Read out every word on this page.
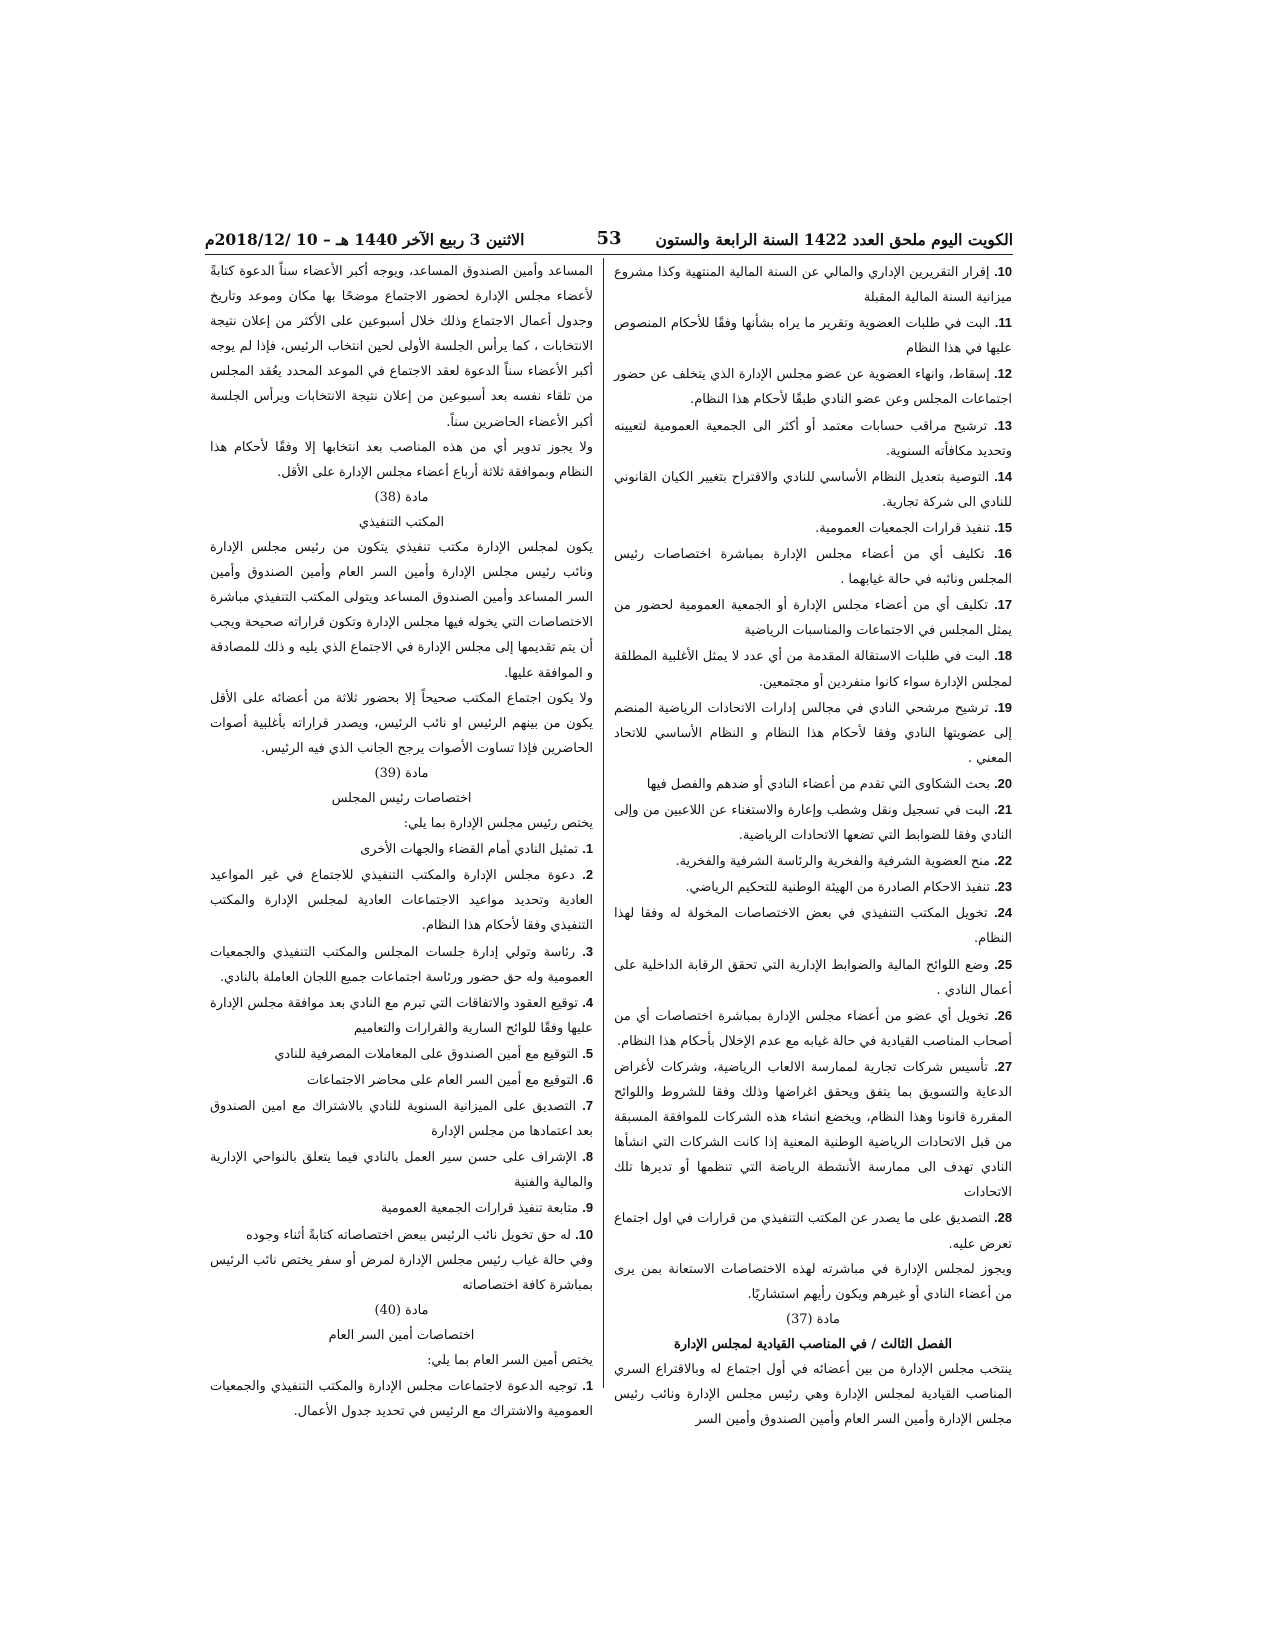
الكويت اليوم ملحق العدد 1422 السنة الرابعة والستون
53
الاثنين 3 ربيع الآخر 1440 هـ – 10 /2018/12م

10. إقرار التقريرين الإداري والمالي عن السنة المالية المنتهية وكذا مشروع ميزانية السنة المالية المقبلة

11. البت في طلبات العضوية وتقرير ما يراه بشأنها وفقًا للأحكام المنصوص عليها في هذا النظام

12. إسقاط، وانهاء العضوية عن عضو مجلس الإدارة الذي يتخلف عن حضور اجتماعات المجلس وعن عضو النادي طبقًا لأحكام هذا النظام.

13. ترشيح مراقب حسابات معتمد أو أكثر الى الجمعية العمومية لتعيينه وتحديد مكافأته السنوية.

14. التوصية بتعديل النظام الأساسي للنادي والاقتراح بتغيير الكيان القانوني للنادي الى شركة تجارية.

15. تنفيذ قرارات الجمعيات العمومية.

16. تكليف أي من أعضاء مجلس الإدارة بمباشرة اختصاصات رئيس المجلس ونائبه في حالة غيابهما .

17. تكليف أي من أعضاء مجلس الإدارة أو الجمعية العمومية لحضور من يمثل المجلس في الاجتماعات والمناسبات الرياضية

18. البت في طلبات الاستقالة المقدمة من أي عدد لا يمثل الأغلبية المطلقة لمجلس الإدارة سواء كانوا منفردين أو مجتمعين.

19. ترشيح مرشحي النادي في مجالس إدارات الاتحادات الرياضية المنضم إلى عضويتها النادي وفقا لأحكام هذا النظام و النظام الأساسي للاتحاد المعني .

20. بحث الشكاوى التي تقدم من أعضاء النادي أو ضدهم والفصل فيها

21. البت في تسجيل ونقل وشطب وإعارة والاستغناء عن اللاعبين من وإلى النادي وفقا للضوابط التي تضعها الاتحادات الرياضية.

22. منح العضوية الشرفية والفخرية والرئاسة الشرفية والفخرية.

23. تنفيذ الاحكام الصادرة من الهيئة الوطنية للتحكيم الرياضي.

24. تخويل المكتب التنفيذي في بعض الاختصاصات المخولة له وفقا لهذا النظام.

25. وضع اللوائح المالية والضوابط الإدارية التي تحقق الرقابة الداخلية على أعمال النادي .

26. تخويل أي عضو من أعضاء مجلس الإدارة بمباشرة اختصاصات أي من أصحاب المناصب القيادية في حالة غيابه مع عدم الإخلال بأحكام هذا النظام.

27. تأسيس شركات تجارية لممارسة الالعاب الرياضية، وشركات لأغراض الدعاية والتسويق بما يتفق ويحقق اغراضها وذلك وفقا للشروط واللوائح المقررة قانونا وهذا النظام، ويخضع انشاء هذه الشركات للموافقة المسبقة من قبل الاتحادات الرياضية الوطنية المعنية إذا كانت الشركات التي انشأها النادي تهدف الى ممارسة الأنشطة الرياضة التي تنظمها أو تديرها تلك الاتحادات

28. التصديق على ما يصدر عن المكتب التنفيذي من قرارات في اول اجتماع تعرض عليه.

ويجوز لمجلس الإدارة في مباشرته لهذه الاختصاصات الاستعانة بمن يرى من أعضاء النادي أو غيرهم ويكون رأيهم استشاريًا.

مادة (37)

الفصل الثالث / في المناصب القيادية لمجلس الإدارة

ينتخب مجلس الإدارة من بين أعضائه في أول اجتماع له وبالاقتراع السري المناصب القيادية لمجلس الإدارة وهي رئيس مجلس الإدارة ونائب رئيس مجلس الإدارة وأمين السر العام وأمين الصندوق وأمين السر

المساعد وأمين الصندوق المساعد، ويوجه أكبر الأعضاء سناً الدعوة كتابةً لأعضاء مجلس الإدارة لحضور الاجتماع موضحًا بها مكان وموعد وتاريخ وجدول أعمال الاجتماع وذلك خلال أسبوعين على الأكثر من إعلان نتيجة الانتخابات ، كما يرأس الجلسة الأولى لحين انتخاب الرئيس، فإذا لم يوجه أكبر الأعضاء سناً الدعوة لعقد الاجتماع في الموعد المحدد يعُقد المجلس من تلقاء نفسه بعد أسبوعين من إعلان نتيجة الانتخابات ويرأس الجلسة أكبر الأعضاء الحاضرين سناً.

ولا يجوز تدوير أي من هذه المناصب بعد انتخابها إلا وفقًا لأحكام هذا النظام وبموافقة ثلاثة أرباع أعضاء مجلس الإدارة على الأقل.

مادة (38)

المكتب التنفيذي

يكون لمجلس الإدارة مكتب تنفيذي يتكون من رئيس مجلس الإدارة ونائب رئيس مجلس الإدارة وأمين السر العام وأمين الصندوق وأمين السر المساعد وأمين الصندوق المساعد ويتولى المكتب التنفيذي مباشرة الاختصاصات التي يخوله فيها مجلس الإدارة وتكون قراراته صحيحة ويجب أن يتم تقديمها إلى مجلس الإدارة في الاجتماع الذي يليه و ذلك للمصادقة و الموافقة عليها.

ولا يكون اجتماع المكتب صحيحاً إلا بحضور ثلاثة من أعضائه على الأقل يكون من بينهم الرئيس او نائب الرئيس، ويصدر قراراته بأغلبية أصوات الحاضرين فإذا تساوت الأصوات يرجح الجانب الذي فيه الرئيس.

مادة (39)

اختصاصات رئيس المجلس

يختص رئيس مجلس الإدارة بما يلي:

1. تمثيل النادي أمام القضاء والجهات الأخرى

2. دعوة مجلس الإدارة والمكتب التنفيذي للاجتماع في غير المواعيد العادية وتحديد مواعيد الاجتماعات العادية لمجلس الإدارة والمكتب التنفيذي وفقا لأحكام هذا النظام.

3. رئاسة وتولي إدارة جلسات المجلس والمكتب التنفيذي والجمعيات العمومية وله حق حضور ورئاسة اجتماعات جميع اللجان العاملة بالنادي.

4. توقيع العقود والاتفاقات التي تبرم مع النادي بعد موافقة مجلس الإدارة عليها وفقًا للوائح السارية والقرارات والتعاميم

5. التوقيع مع أمين الصندوق على المعاملات المصرفية للنادي

6. التوقيع مع أمين السر العام على محاضر الاجتماعات

7. التصديق على الميزانية السنوية للنادي بالاشتراك مع امين الصندوق بعد اعتمادها من مجلس الإدارة

8. الإشراف على حسن سير العمل بالنادي فيما يتعلق بالنواحي الإدارية والمالية والفنية

9. متابعة تنفيذ قرارات الجمعية العمومية

10. له حق تخويل نائب الرئيس ببعض اختصاصاته كتابةً أثناء وجوده

وفي حالة غياب رئيس مجلس الإدارة لمرض أو سفر يختص نائب الرئيس بمباشرة كافة اختصاصاته

مادة (40)

اختصاصات أمين السر العام

يختص أمين السر العام بما يلي:

1. توجيه الدعوة لاجتماعات مجلس الإدارة والمكتب التنفيذي والجمعيات العمومية والاشتراك مع الرئيس في تحديد جدول الأعمال.
